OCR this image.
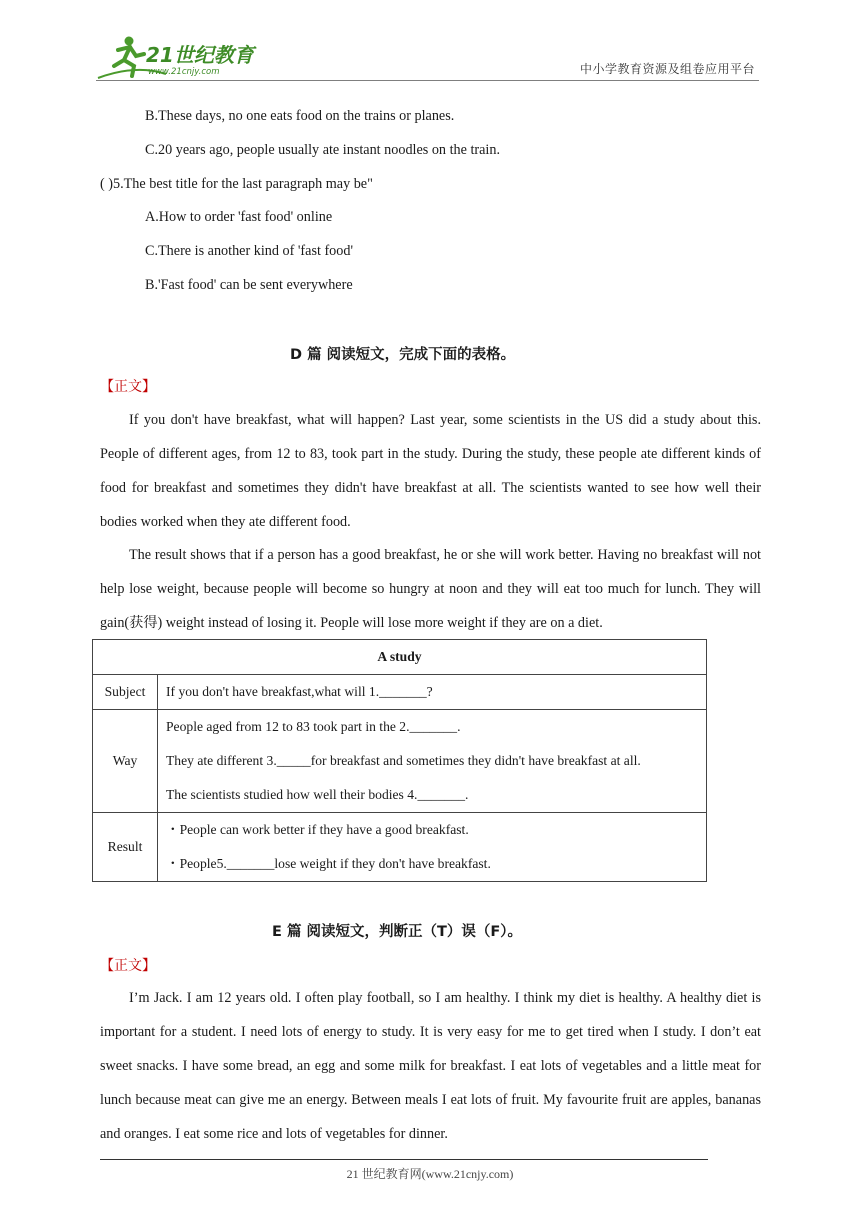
21世纪教育
www.21cnjy.com	中小学教育资源及组卷应用平台
B.These days, no one eats food on the trains or planes.
C.20 years ago, people usually ate instant noodles on the train.
( )5.The best title for the last paragraph may be"
A.How to order 'fast food' online
C.There is another kind of 'fast food'
B.'Fast food' can be sent everywhere
D 篇 阅读短文，完成下面的表格。
【正文】

If you don't have breakfast, what will happen? Last year, some scientists in the US did a study about this. People of different ages, from 12 to 83, took part in the study. During the study, these people ate different kinds of food for breakfast and sometimes they didn't have breakfast at all. The scientists wanted to see how well their bodies worked when they ate different food.

The result shows that if a person has a good breakfast, he or she will work better. Having no breakfast will not help lose weight, because people will become so hungry at noon and they will eat too much for lunch. They will gain(获得) weight instead of losing it. People will lose more weight if they are on a diet.

A study	
Subject	If you don't have breakfast,what will 1._______?
Way	People aged from 12 to 83 took part in the 2._______.
They ate different 3._____for breakfast and sometimes they didn't have breakfast at all.
The scientists studied how well their bodies 4._______.

Result	・People can work better if they have a good breakfast.
・People5._______lose weight if they don't have breakfast.
E 篇 阅读短文，判断正（T）误（F）。
【正文】

I’m Jack. I am 12 years old. I often play football, so I am healthy. I think my diet is healthy. A healthy diet is important for a student. I need lots of energy to study. It is very easy for me to get tired when I study. I don’t eat sweet snacks. I have some bread, an egg and some milk for breakfast. I eat lots of vegetables and a little meat for lunch because meat can give me an energy. Between meals I eat lots of fruit. My favourite fruit are apples, bananas and oranges. I eat some rice and lots of vegetables for dinner.

21 世纪教育网(www.21cnjy.com)
